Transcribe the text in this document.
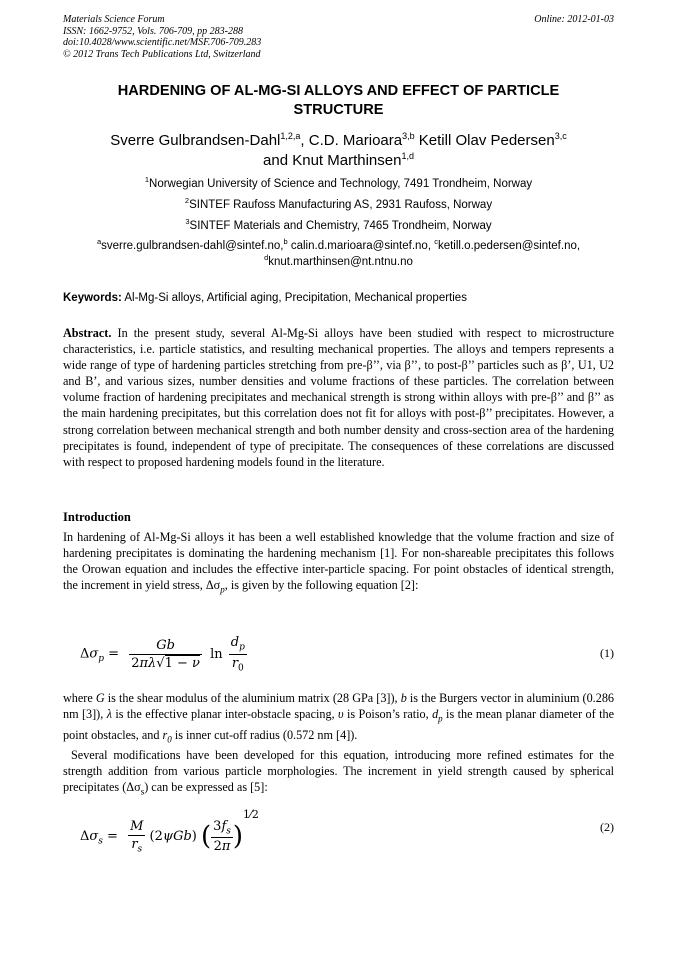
Materials Science Forum
ISSN: 1662-9752, Vols. 706-709, pp 283-288
doi:10.4028/www.scientific.net/MSF.706-709.283
© 2012 Trans Tech Publications Ltd, Switzerland
Online: 2012-01-03
HARDENING OF AL-MG-SI ALLOYS AND EFFECT OF PARTICLE
STRUCTURE
Sverre Gulbrandsen-Dahl$^{1,2,a}$, C.D. Marioara$^{3,b}$ Ketill Olav Pedersen$^{3,c}$
and Knut Marthinsen$^{1,d}$
$^1$Norwegian University of Science and Technology, 7491 Trondheim, Norway
$^2$SINTEF Raufoss Manufacturing AS, 2931 Raufoss, Norway
$^3$SINTEF Materials and Chemistry, 7465 Trondheim, Norway
$^a$sverre.gulbrandsen-dahl@sintef.no,$^b$ calin.d.marioara@sintef.no, $^c$ketill.o.pedersen@sintef.no,
$^d$knut.marthinsen@nt.ntnu.no
Keywords: Al-Mg-Si alloys, Artificial aging, Precipitation, Mechanical properties
Abstract. In the present study, several Al-Mg-Si alloys have been studied with respect to microstructure characteristics, i.e. particle statistics, and resulting mechanical properties. The alloys and tempers represents a wide range of type of hardening particles stretching from pre-β’’, via β’’, to post-β’’ particles such as β’, U1, U2 and B’, and various sizes, number densities and volume fractions of these particles. The correlation between volume fraction of hardening precipitates and mechanical strength is strong within alloys with pre-β’’ and β’’ as the main hardening precipitates, but this correlation does not fit for alloys with post-β’’ precipitates. However, a strong correlation between mechanical strength and both number density and cross-section area of the hardening precipitates is found, independent of type of precipitate. The consequences of these correlations are discussed with respect to proposed hardening models found in the literature.
Introduction
In hardening of Al-Mg-Si alloys it has been a well established knowledge that the volume fraction and size of hardening precipitates is dominating the hardening mechanism [1]. For non-shareable precipitates this follows the Orowan equation and includes the effective inter-particle spacing. For point obstacles of identical strength, the increment in yield stress, $\Delta\sigma_p$, is given by the following equation [2]:
$\Delta\sigma_p = \frac{Gb}{2\pi\lambda√1 - \nu}$ $\ln \frac{d_p}{r_0}$	(1)
where G is the shear modulus of the aluminium matrix (28 GPa [3]), b is the Burgers vector in aluminium (0.286 nm [3]), λ is the effective planar inter-obstacle spacing, υ is Poison’s ratio, $d_p$ is the mean planar diameter of the point obstacles, and $r_0$ is inner cut-off radius (0.572 nm [4]).
Several modifications have been developed for this equation, introducing more refined estimates for the strength addition from various particle morphologies. The increment in yield strength caused by spherical precipitates $(\Delta\sigma_s)$ can be expressed as [5]:
$\Delta\sigma_s = \frac{M}{r_s} (2\psi Gb)$ ( $\frac{3f_s}{2\pi} )^{1⁄2}$
(2)
